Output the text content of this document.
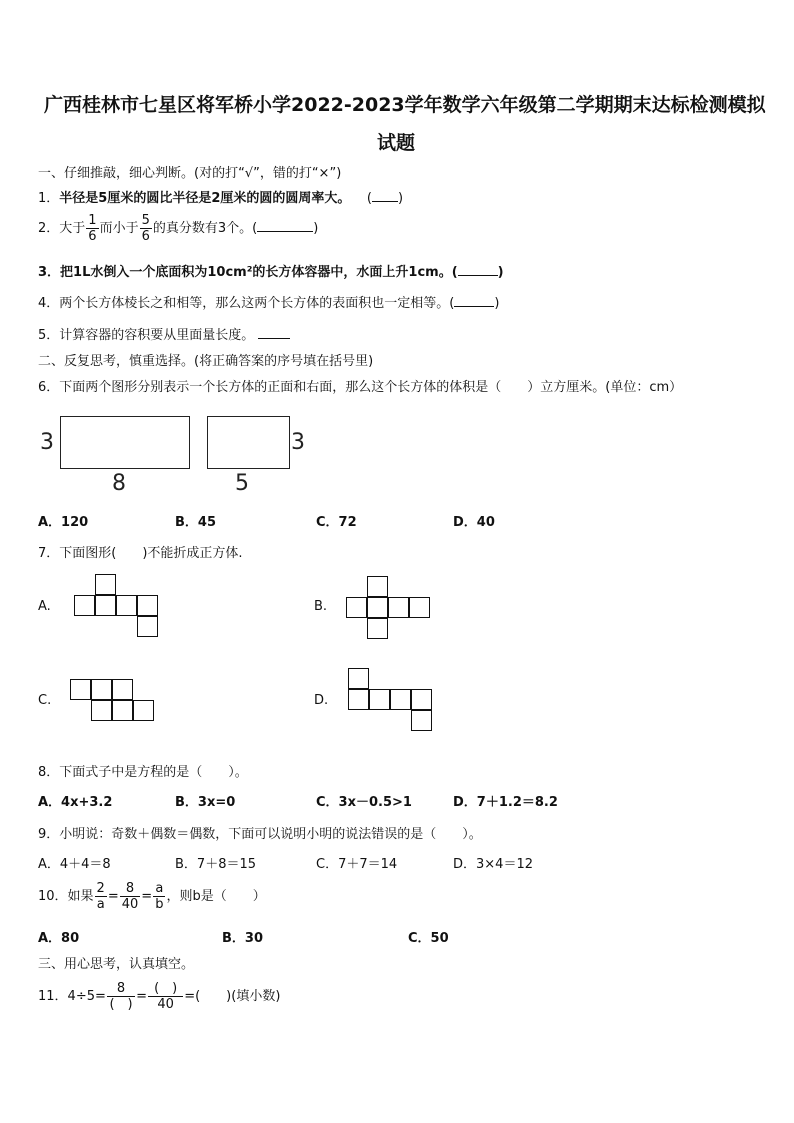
广西桂林市七星区将军桥小学2022-2023学年数学六年级第二学期期末达标检测模拟
试题
一、仔细推敲，细心判断。(对的打“√”，错的打“×”)
1．半径是5厘米的圆比半径是2厘米的圆的圆周率大。 ( )
2．大于 $\frac{1}{6}$ 而小于 $\frac{5}{6}$ 的真分数有3个。(	)
3．把1L水倒入一个底面积为10cm²的长方体容器中，水面上升1cm。(	)
4．两个长方体棱长之和相等，那么这两个长方体的表面积也一定相等。(	)
5．计算容器的容积要从里面量长度。
二、反复思考，慎重选择。(将正确答案的序号填在括号里)
6．下面两个图形分别表示一个长方体的正面和右面，那么这个长方体的体积是（　　）立方厘米。(单位：cm）
3
8
3
5
A．120	B．45	C．72	D．40
7．下面图形(　　)不能折成正方体.
A.	B.
C.	D.
8．下面式子中是方程的是（　　）。
A．4x+3.2	B．3x=0	C．3x－0.5>1	D．7＋1.2＝8.2
9．小明说：奇数＋偶数＝偶数，下面可以说明小明的说法错误的是（　　）。
A．4＋4＝8	B．7＋8＝15	C．7＋7＝14	D．3×4＝12
10．如果 $\frac{2}{a} = \frac{8}{40} = \frac{a}{b}$ ，则b是（　　）
A．80	B．30	C．50
三、用心思考，认真填空。
11．$4\div 5= \frac{8}{( )} = \frac{( )}{40}$ =(　　)(填小数)
